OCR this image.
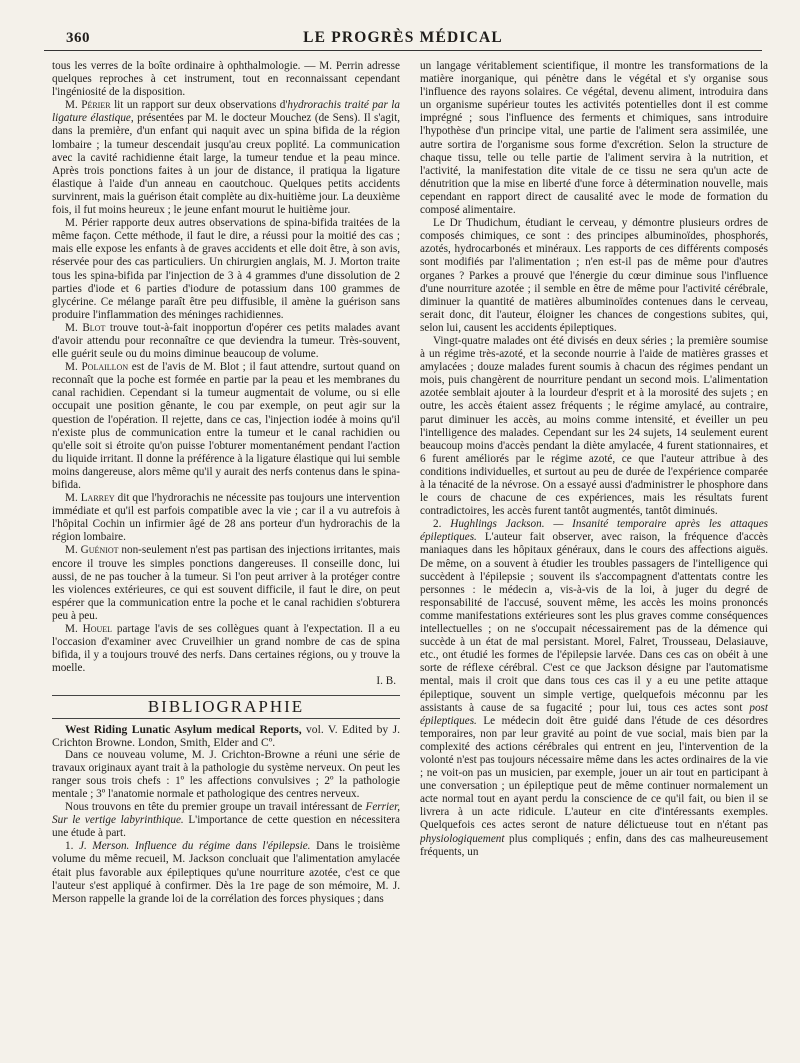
360	LE PROGRÈS MÉDICAL

tous les verres de la boîte ordinaire à ophthalmologie. — M. Perrin adresse quelques reproches à cet instrument, tout en reconnaissant cependant l'ingéniosité de la disposition.

M. Périer lit un rapport sur deux observations d'hydrorachis traité par la ligature élastique, présentées par M. le docteur Mouchez (de Sens). Il s'agit, dans la première, d'un enfant qui naquit avec un spina bifida de la région lombaire ; la tumeur descendait jusqu'au creux poplité. La communication avec la cavité rachidienne était large, la tumeur tendue et la peau mince. Après trois ponctions faites à un jour de distance, il pratiqua la ligature élastique à l'aide d'un anneau en caoutchouc. Quelques petits accidents survinrent, mais la guérison était complète au dix-huitième jour. La deuxième fois, il fut moins heureux ; le jeune enfant mourut le huitième jour.

M. Périer rapporte deux autres observations de spina-bifida traitées de la même façon. Cette méthode, il faut le dire, a réussi pour la moitié des cas ; mais elle expose les enfants à de graves accidents et elle doit être, à son avis, réservée pour des cas particuliers. Un chirurgien anglais, M. J. Morton traite tous les spina-bifida par l'injection de 3 à 4 grammes d'une dissolution de 2 parties d'iode et 6 parties d'iodure de potassium dans 100 grammes de glycérine. Ce mélange paraît être peu diffusible, il amène la guérison sans produire l'inflammation des méninges rachidiennes.

M. Blot trouve tout-à-fait inopportun d'opérer ces petits malades avant d'avoir attendu pour reconnaître ce que deviendra la tumeur. Très-souvent, elle guérit seule ou du moins diminue beaucoup de volume.

M. Polaillon est de l'avis de M. Blot ; il faut attendre, surtout quand on reconnaît que la poche est formée en partie par la peau et les membranes du canal rachidien. Cependant si la tumeur augmentait de volume, ou si elle occupait une position gênante, le cou par exemple, on peut agir sur la question de l'opération. Il rejette, dans ce cas, l'injection iodée à moins qu'il n'existe plus de communication entre la tumeur et le canal rachidien ou qu'elle soit si étroite qu'on puisse l'obturer momentanément pendant l'action du liquide irritant. Il donne la préférence à la ligature élastique qui lui semble moins dangereuse, alors même qu'il y aurait des nerfs contenus dans le spina-bifida.

M. Larrey dit que l'hydrorachis ne nécessite pas toujours une intervention immédiate et qu'il est parfois compatible avec la vie ; car il a vu autrefois à l'hôpital Cochin un infirmier âgé de 28 ans porteur d'un hydrorachis de la région lombaire.

M. Guéniot non-seulement n'est pas partisan des injections irritantes, mais encore il trouve les simples ponctions dangereuses. Il conseille donc, lui aussi, de ne pas toucher à la tumeur. Si l'on peut arriver à la protéger contre les violences extérieures, ce qui est souvent difficile, il faut le dire, on peut espérer que la communication entre la poche et le canal rachidien s'obturera peu à peu.

M. Houel partage l'avis de ses collègues quant à l'expectation. Il a eu l'occasion d'examiner avec Cruveilhier un grand nombre de cas de spina bifida, il y a toujours trouvé des nerfs. Dans certaines régions, ou y trouve la moelle.

I. B.

BIBLIOGRAPHIE

West Riding Lunatic Asylum medical Reports, vol. V. Edited by J. Crichton Browne. London, Smith, Elder and Cº.

Dans ce nouveau volume, M. J. Crichton-Browne a réuni une série de travaux originaux ayant trait à la pathologie du système nerveux. On peut les ranger sous trois chefs : 1º les affections convulsives ; 2º la pathologie mentale ; 3º l'anatomie normale et pathologique des centres nerveux.

Nous trouvons en tête du premier groupe un travail intéressant de Ferrier, Sur le vertige labyrinthique. L'importance de cette question en nécessitera une étude à part.

1. J. Merson. Influence du régime dans l'épilepsie. Dans le troisième volume du même recueil, M. Jackson concluait que l'alimentation amylacée était plus favorable aux épileptiques qu'une nourriture azotée, c'est ce que l'auteur s'est appliqué à confirmer. Dès la 1re page de son mémoire, M. J. Merson rappelle la grande loi de la corrélation des forces physiques ; dans

un langage véritablement scientifique, il montre les transformations de la matière inorganique, qui pénètre dans le végétal et s'y organise sous l'influence des rayons solaires. Ce végétal, devenu aliment, introduira dans un organisme supérieur toutes les activités potentielles dont il est comme imprégné ; sous l'influence des ferments et chimiques, sans introduire l'hypothèse d'un principe vital, une partie de l'aliment sera assimilée, une autre sortira de l'organisme sous forme d'excrétion. Selon la structure de chaque tissu, telle ou telle partie de l'aliment servira à la nutrition, et l'activité, la manifestation dite vitale de ce tissu ne sera qu'un acte de dénutrition que la mise en liberté d'une force à détermination nouvelle, mais cependant en rapport direct de causalité avec le mode de formation du composé alimentaire.

Le Dr Thudichum, étudiant le cerveau, y démontre plusieurs ordres de composés chimiques, ce sont : des principes albuminoïdes, phosphorés, azotés, hydrocarbonés et minéraux. Les rapports de ces différents composés sont modifiés par l'alimentation ; n'en est-il pas de même pour d'autres organes ? Parkes a prouvé que l'énergie du cœur diminue sous l'influence d'une nourriture azotée ; il semble en être de même pour l'activité cérébrale, diminuer la quantité de matières albuminoïdes contenues dans le cerveau, serait donc, dit l'auteur, éloigner les chances de congestions subites, qui, selon lui, causent les accidents épileptiques.

Vingt-quatre malades ont été divisés en deux séries ; la première soumise à un régime très-azoté, et la seconde nourrie à l'aide de matières grasses et amylacées ; douze malades furent soumis à chacun des régimes pendant un mois, puis changèrent de nourriture pendant un second mois. L'alimentation azotée semblait ajouter à la lourdeur d'esprit et à la morosité des sujets ; en outre, les accès étaient assez fréquents ; le régime amylacé, au contraire, parut diminuer les accès, au moins comme intensité, et éveiller un peu l'intelligence des malades. Cependant sur les 24 sujets, 14 seulement eurent beaucoup moins d'accès pendant la diète amylacée, 4 furent stationnaires, et 6 furent améliorés par le régime azoté, ce que l'auteur attribue à des conditions individuelles, et surtout au peu de durée de l'expérience comparée à la ténacité de la névrose. On a essayé aussi d'administrer le phosphore dans le cours de chacune de ces expériences, mais les résultats furent contradictoires, les accès furent tantôt augmentés, tantôt diminués.

2. Hughlings Jackson. — Insanité temporaire après les attaques épileptiques. L'auteur fait observer, avec raison, la fréquence d'accès maniaques dans les hôpitaux généraux, dans le cours des affections aiguës. De même, on a souvent à étudier les troubles passagers de l'intelligence qui succèdent à l'épilepsie ; souvent ils s'accompagnent d'attentats contre les personnes : le médecin a, vis-à-vis de la loi, à juger du degré de responsabilité de l'accusé, souvent même, les accès les moins prononcés comme manifestations extérieures sont les plus graves comme conséquences intellectuelles ; on ne s'occupait nécessairement pas de la démence qui succède à un état de mal persistant. Morel, Falret, Trousseau, Delasiauve, etc., ont étudié les formes de l'épilepsie larvée. Dans ces cas on obéit à une sorte de réflexe cérébral. C'est ce que Jackson désigne par l'automatisme mental, mais il croit que dans tous ces cas il y a eu une petite attaque épileptique, souvent un simple vertige, quelquefois méconnu par les assistants à cause de sa fugacité ; pour lui, tous ces actes sont post épileptiques. Le médecin doit être guidé dans l'étude de ces désordres temporaires, non par leur gravité au point de vue social, mais bien par la complexité des actions cérébrales qui entrent en jeu, l'intervention de la volonté n'est pas toujours nécessaire même dans les actes ordinaires de la vie ; ne voit-on pas un musicien, par exemple, jouer un air tout en participant à une conversation ; un épileptique peut de même continuer normalement un acte normal tout en ayant perdu la conscience de ce qu'il fait, ou bien il se livrera à un acte ridicule. L'auteur en cite d'intéressants exemples. Quelquefois ces actes seront de nature délictueuse tout en n'étant pas physiologiquement plus compliqués ; enfin, dans des cas malheureusement fréquents, un
